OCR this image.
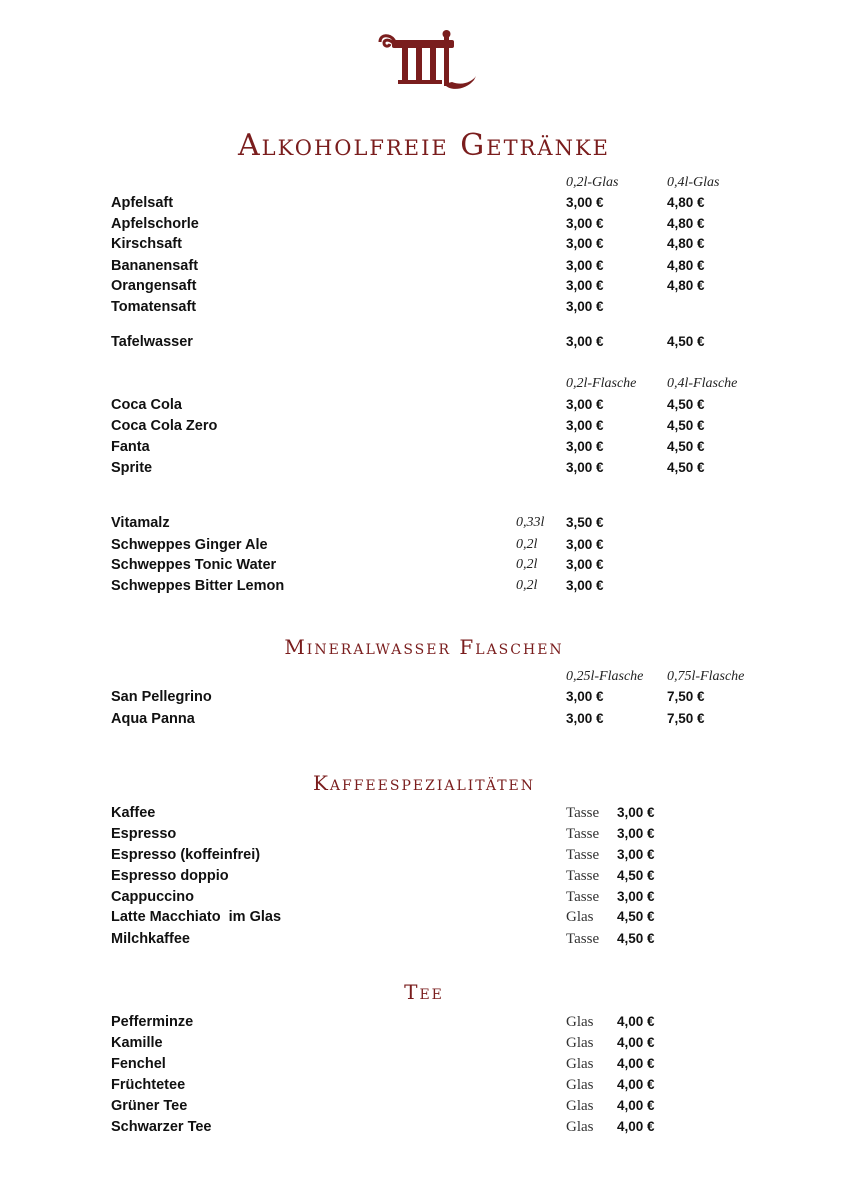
Alkoholfreie Getränke
0,2l-Glas	0,4l-Glas
Apfelsaft	3,00 €	4,80 €
Apfelschorle	3,00 €	4,80 €
Kirschsaft	3,00 €	4,80 €
Bananensaft	3,00 €	4,80 €
Orangensaft	3,00 €	4,80 €
Tomatensaft	3,00 €
Tafelwasser	3,00 €	4,50 €
0,2l-Flasche 0,4l-Flasche
Coca Cola	3,00 €	4,50 €
Coca Cola Zero	3,00 €	4,50 €
Fanta	3,00 €	4,50 €
Sprite	3,00 €	4,50 €
Vitamalz	0,33l 3,50 €
Schweppes Ginger Ale	0,2l 3,00 €
Schweppes Tonic Water	0,2l 3,00 €
Schweppes Bitter Lemon	0,2l 3,00 €
Mineralwasser Flaschen
0,25l-Flasche 0,75l-Flasche
San Pellegrino	3,00 €	7,50 €
Aqua Panna	3,00 €	7,50 €
Kaffeespezialitäten
Kaffee	Tasse 3,00 €
Espresso	Tasse 3,00 €
Espresso (koffeinfrei)	Tasse 3,00 €
Espresso doppio	Tasse 4,50 €
Cappuccino	Tasse 3,00 €
Latte Macchiato  im Glas	Glas 4,50 €
Milchkaffee	Tasse 4,50 €
Tee
Pefferminze	Glas 4,00 €
Kamille	Glas 4,00 €
Fenchel	Glas 4,00 €
Früchtetee	Glas 4,00 €
Grüner Tee	Glas 4,00 €
Schwarzer Tee	Glas 4,00 €
